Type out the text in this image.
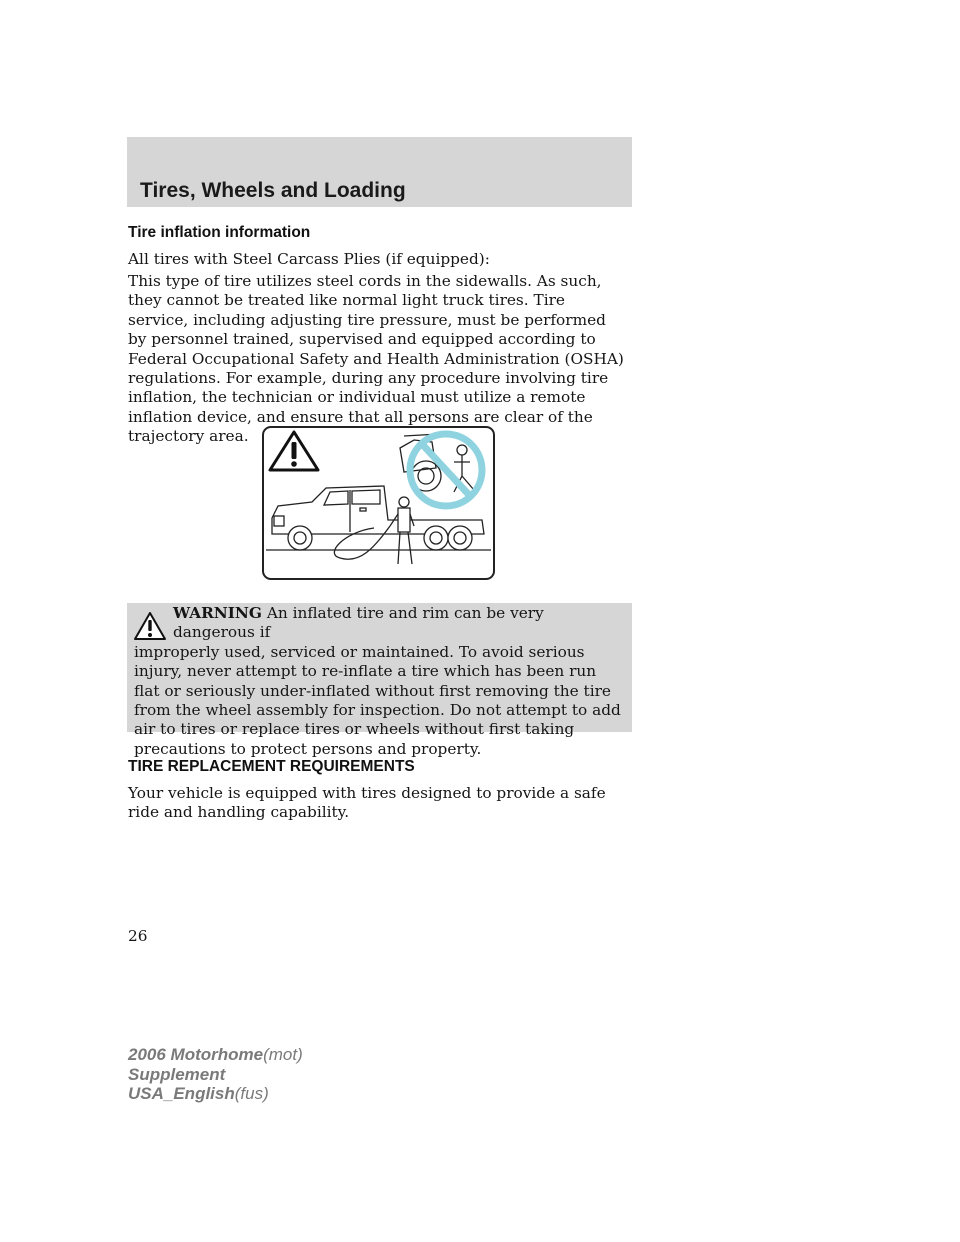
Tires, Wheels and Loading
Tire inflation information

All tires with Steel Carcass Plies (if equipped):

This type of tire utilizes steel cords in the sidewalls. As such, they cannot be treated like normal light truck tires. Tire service, including adjusting tire pressure, must be performed by personnel trained, supervised and equipped according to Federal Occupational Safety and Health Administration (OSHA) regulations. For example, during any procedure involving tire inflation, the technician or individual must utilize a remote inflation device, and ensure that all persons are clear of the trajectory area.

WARNING An inflated tire and rim can be very dangerous if
improperly used, serviced or maintained. To avoid serious injury, never attempt to re-inflate a tire which has been run flat or seriously under-inflated without first removing the tire from the wheel assembly for inspection. Do not attempt to add air to tires or replace tires or wheels without first taking precautions to protect persons and property.

TIRE REPLACEMENT REQUIREMENTS

Your vehicle is equipped with tires designed to provide a safe ride and handling capability.

26

2006 Motorhome(mot)
Supplement
USA_English(fus)
